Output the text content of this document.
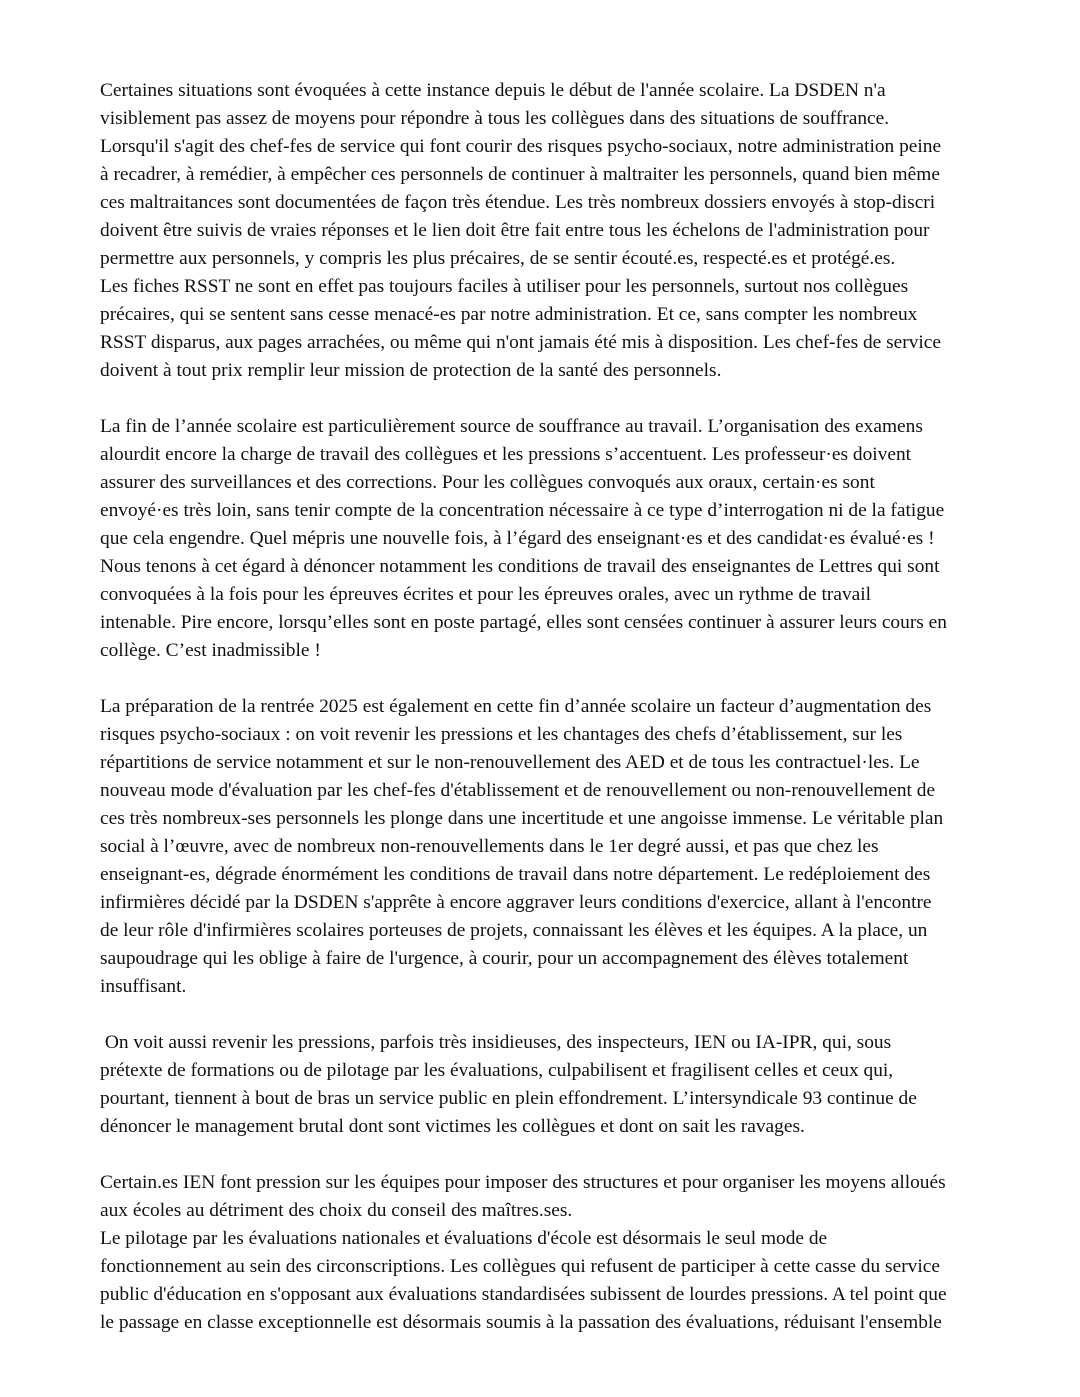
Certaines situations sont évoquées à cette instance depuis le début de l'année scolaire. La DSDEN n'a
visiblement pas assez de moyens pour répondre à tous les collègues dans des situations de souffrance.
Lorsqu'il s'agit des chef-fes de service qui font courir des risques psycho-sociaux, notre administration peine
à recadrer, à remédier, à empêcher ces personnels de continuer à maltraiter les personnels, quand bien même
ces maltraitances sont documentées de façon très étendue. Les très nombreux dossiers envoyés à stop-discri
doivent être suivis de vraies réponses et le lien doit être fait entre tous les échelons de l'administration pour
permettre aux personnels, y compris les plus précaires, de se sentir écouté.es, respecté.es et protégé.es.
Les fiches RSST ne sont en effet pas toujours faciles à utiliser pour les personnels, surtout nos collègues
précaires, qui se sentent sans cesse menacé-es par notre administration. Et ce, sans compter les nombreux
RSST disparus, aux pages arrachées, ou même qui n'ont jamais été mis à disposition. Les chef-fes de service
doivent à tout prix remplir leur mission de protection de la santé des personnels.
La fin de l’année scolaire est particulièrement source de souffrance au travail. L’organisation des examens
alourdit encore la charge de travail des collègues et les pressions s’accentuent. Les professeur·es doivent
assurer des surveillances et des corrections. Pour les collègues convoqués aux oraux, certain·es sont
envoyé·es très loin, sans tenir compte de la concentration nécessaire à ce type d’interrogation ni de la fatigue
que cela engendre. Quel mépris une nouvelle fois, à l’égard des enseignant·es et des candidat·es évalué·es !
Nous tenons à cet égard à dénoncer notamment les conditions de travail des enseignantes de Lettres qui sont
convoquées à la fois pour les épreuves écrites et pour les épreuves orales, avec un rythme de travail
intenable. Pire encore, lorsqu’elles sont en poste partagé, elles sont censées continuer à assurer leurs cours en
collège. C’est inadmissible !
La préparation de la rentrée 2025 est également en cette fin d’année scolaire un facteur d’augmentation des
risques psycho-sociaux : on voit revenir les pressions et les chantages des chefs d’établissement, sur les
répartitions de service notamment et sur le non-renouvellement des AED et de tous les contractuel·les. Le
nouveau mode d'évaluation par les chef-fes d'établissement et de renouvellement ou non-renouvellement de
ces très nombreux-ses personnels les plonge dans une incertitude et une angoisse immense. Le véritable plan
social à l’œuvre, avec de nombreux non-renouvellements dans le 1er degré aussi, et pas que chez les
enseignant-es, dégrade énormément les conditions de travail dans notre département. Le redéploiement des
infirmières décidé par la DSDEN s'apprête à encore aggraver leurs conditions d'exercice, allant à l'encontre
de leur rôle d'infirmières scolaires porteuses de projets, connaissant les élèves et les équipes. A la place, un
saupoudrage qui les oblige à faire de l'urgence, à courir, pour un accompagnement des élèves totalement
insuffisant.
On voit aussi revenir les pressions, parfois très insidieuses, des inspecteurs, IEN ou IA-IPR, qui, sous
prétexte de formations ou de pilotage par les évaluations, culpabilisent et fragilisent celles et ceux qui,
pourtant, tiennent à bout de bras un service public en plein effondrement. L’intersyndicale 93 continue de
dénoncer le management brutal dont sont victimes les collègues et dont on sait les ravages.
Certain.es IEN font pression sur les équipes pour imposer des structures et pour organiser les moyens alloués
aux écoles au détriment des choix du conseil des maîtres.ses.
Le pilotage par les évaluations nationales et évaluations d'école est désormais le seul mode de
fonctionnement au sein des circonscriptions. Les collègues qui refusent de participer à cette casse du service
public d'éducation en s'opposant aux évaluations standardisées subissent de lourdes pressions. A tel point que
le passage en classe exceptionnelle est désormais soumis à la passation des évaluations, réduisant l'ensemble
